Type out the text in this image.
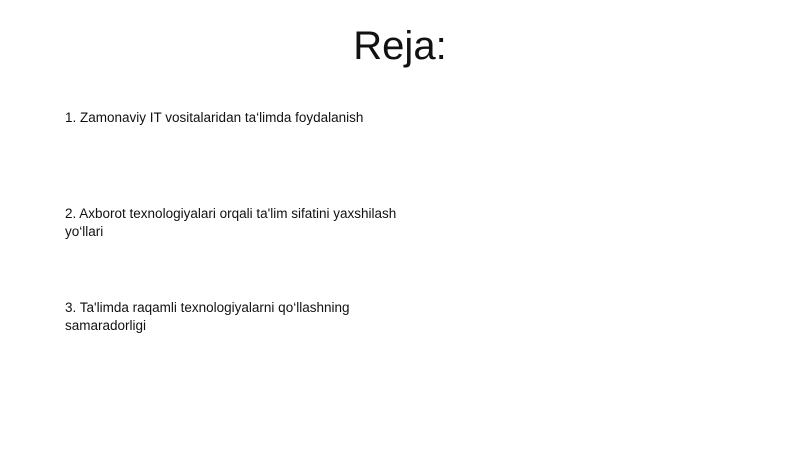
Reja:

1. Zamonaviy IT vositalaridan ta‘limda foydalanish

2. Axborot texnologiyalari orqali ta'lim sifatini yaxshilash yo‘llari

3. Ta'limda raqamli texnologiyalarni qo‘llashning samaradorligi
